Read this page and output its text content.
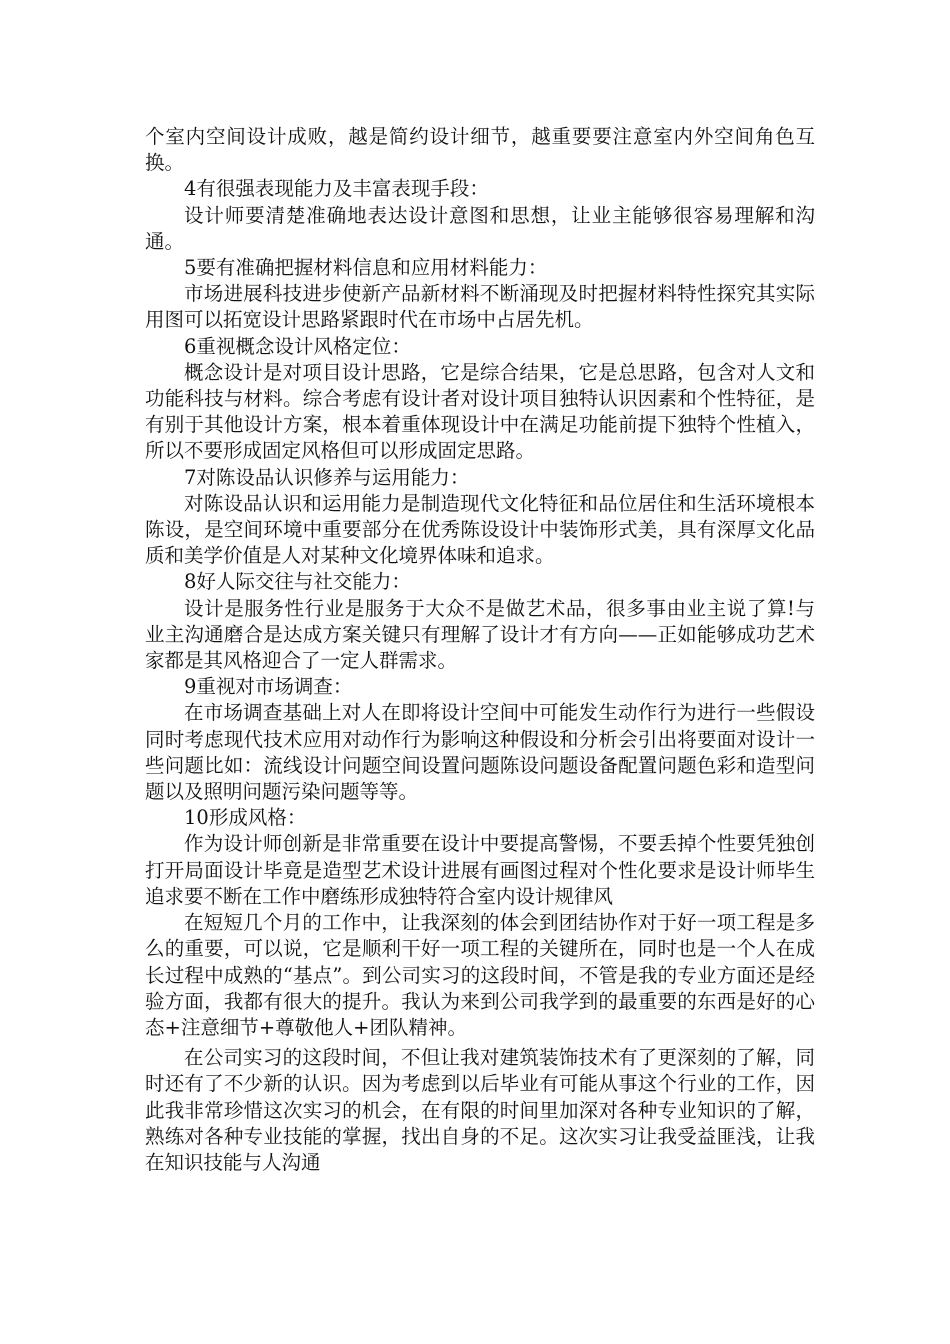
个室内空间设计成败，越是简约设计细节，越重要要注意室内外空间角色互换。

4有很强表现能力及丰富表现手段：

设计师要清楚准确地表达设计意图和思想，让业主能够很容易理解和沟通。

5要有准确把握材料信息和应用材料能力：

市场进展科技进步使新产品新材料不断涌现及时把握材料特性探究其实际用图可以拓宽设计思路紧跟时代在市场中占居先机。

6重视概念设计风格定位：

概念设计是对项目设计思路，它是综合结果，它是总思路，包含对人文和功能科技与材料。综合考虑有设计者对设计项目独特认识因素和个性特征，是有别于其他设计方案，根本着重体现设计中在满足功能前提下独特个性植入，所以不要形成固定风格但可以形成固定思路。

7对陈设品认识修养与运用能力：

对陈设品认识和运用能力是制造现代文化特征和品位居住和生活环境根本陈设，是空间环境中重要部分在优秀陈设设计中装饰形式美，具有深厚文化品质和美学价值是人对某种文化境界体味和追求。

8好人际交往与社交能力：

设计是服务性行业是服务于大众不是做艺术品，很多事由业主说了算!与业主沟通磨合是达成方案关键只有理解了设计才有方向——正如能够成功艺术家都是其风格迎合了一定人群需求。

9重视对市场调查：

在市场调查基础上对人在即将设计空间中可能发生动作行为进行一些假设同时考虑现代技术应用对动作行为影响这种假设和分析会引出将要面对设计一些问题比如：流线设计问题空间设置问题陈设问题设备配置问题色彩和造型问题以及照明问题污染问题等等。

10形成风格：

作为设计师创新是非常重要在设计中要提高警惕，不要丢掉个性要凭独创打开局面设计毕竟是造型艺术设计进展有画图过程对个性化要求是设计师毕生追求要不断在工作中磨练形成独特符合室内设计规律风

在短短几个月的工作中，让我深刻的体会到团结协作对于好一项工程是多么的重要，可以说，它是顺利干好一项工程的关键所在，同时也是一个人在成长过程中成熟的“基点”。到公司实习的这段时间，不管是我的专业方面还是经验方面，我都有很大的提升。我认为来到公司我学到的最重要的东西是好的心态+注意细节+尊敬他人+团队精神。

在公司实习的这段时间，不但让我对建筑装饰技术有了更深刻的了解，同时还有了不少新的认识。因为考虑到以后毕业有可能从事这个行业的工作，因此我非常珍惜这次实习的机会，在有限的时间里加深对各种专业知识的了解，熟练对各种专业技能的掌握，找出自身的不足。这次实习让我受益匪浅，让我在知识技能与人沟通
